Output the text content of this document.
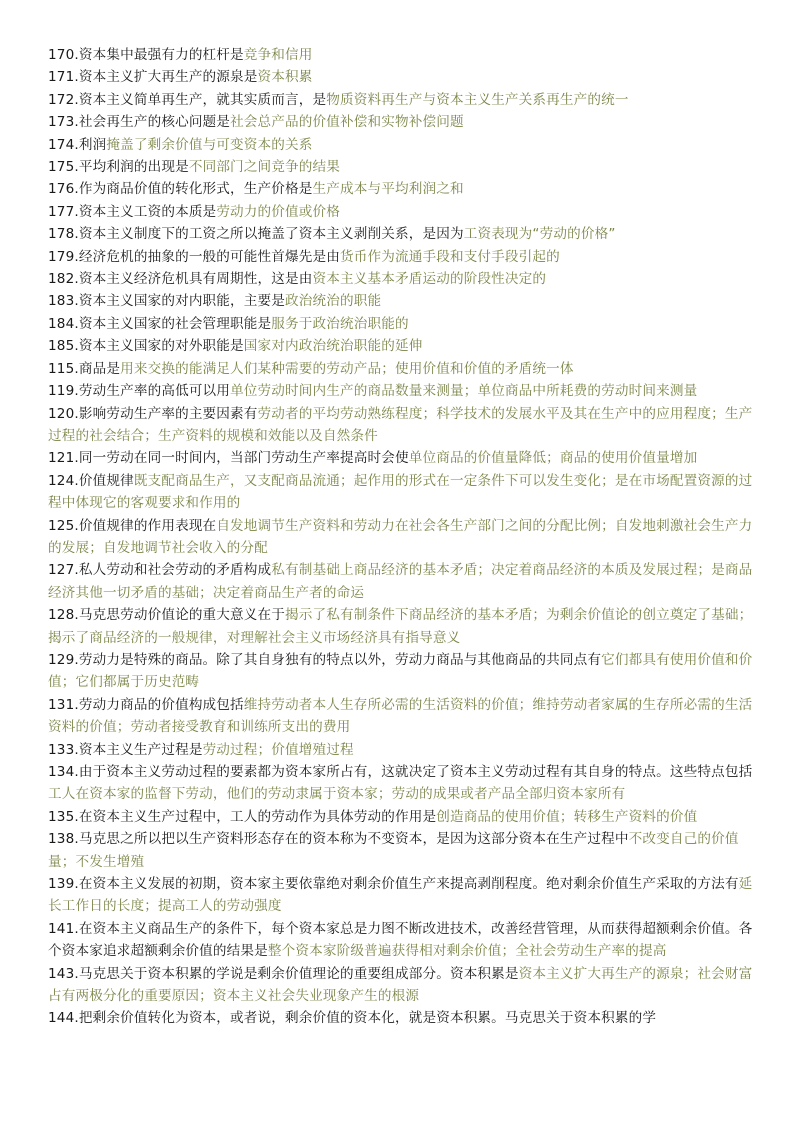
170.资本集中最强有力的杠杆是竞争和信用

171.资本主义扩大再生产的源泉是资本积累

172.资本主义简单再生产，就其实质而言，是物质资料再生产与资本主义生产关系再生产的统一

173.社会再生产的核心问题是社会总产品的价值补偿和实物补偿问题

174.利润掩盖了剩余价值与可变资本的关系

175.平均利润的出现是不同部门之间竞争的结果

176.作为商品价值的转化形式，生产价格是生产成本与平均利润之和

177.资本主义工资的本质是劳动力的价值或价格

178.资本主义制度下的工资之所以掩盖了资本主义剥削关系，是因为工资表现为“劳动的价格”

179.经济危机的抽象的一般的可能性首爆先是由货币作为流通手段和支付手段引起的

182.资本主义经济危机具有周期性，这是由资本主义基本矛盾运动的阶段性决定的

183.资本主义国家的对内职能，主要是政治统治的职能

184.资本主义国家的社会管理职能是服务于政治统治职能的

185.资本主义国家的对外职能是国家对内政治统治职能的延伸

115.商品是用来交换的能满足人们某种需要的劳动产品；使用价值和价值的矛盾统一体

119.劳动生产率的高低可以用单位劳动时间内生产的商品数量来测量；单位商品中所耗费的劳动时间来测量

120.影响劳动生产率的主要因素有劳动者的平均劳动熟练程度；科学技术的发展水平及其在生产中的应用程度；生产过程的社会结合；生产资料的规模和效能以及自然条件

121.同一劳动在同一时间内，当部门劳动生产率提高时会使单位商品的价值量降低；商品的使用价值量增加

124.价值规律既支配商品生产，又支配商品流通；起作用的形式在一定条件下可以发生变化；是在市场配置资源的过程中体现它的客观要求和作用的

125.价值规律的作用表现在自发地调节生产资料和劳动力在社会各生产部门之间的分配比例；自发地刺激社会生产力的发展；自发地调节社会收入的分配

127.私人劳动和社会劳动的矛盾构成私有制基础上商品经济的基本矛盾；决定着商品经济的本质及发展过程；是商品经济其他一切矛盾的基础；决定着商品生产者的命运

128.马克思劳动价值论的重大意义在于揭示了私有制条件下商品经济的基本矛盾；为剩余价值论的创立奠定了基础；揭示了商品经济的一般规律，对理解社会主义市场经济具有指导意义

129.劳动力是特殊的商品。除了其自身独有的特点以外，劳动力商品与其他商品的共同点有它们都具有使用价值和价值；它们都属于历史范畴

131.劳动力商品的价值构成包括维持劳动者本人生存所必需的生活资料的价值；维持劳动者家属的生存所必需的生活资料的价值；劳动者接受教育和训练所支出的费用

133.资本主义生产过程是劳动过程；价值增殖过程

134.由于资本主义劳动过程的要素都为资本家所占有，这就决定了资本主义劳动过程有其自身的特点。这些特点包括工人在资本家的监督下劳动，他们的劳动隶属于资本家；劳动的成果或者产品全部归资本家所有

135.在资本主义生产过程中，工人的劳动作为具体劳动的作用是创造商品的使用价值；转移生产资料的价值

138.马克思之所以把以生产资料形态存在的资本称为不变资本，是因为这部分资本在生产过程中不改变自己的价值量；不发生增殖

139.在资本主义发展的初期，资本家主要依靠绝对剩余价值生产来提高剥削程度。绝对剩余价值生产采取的方法有延长工作日的长度；提高工人的劳动强度

141.在资本主义商品生产的条件下，每个资本家总是力图不断改进技术，改善经营管理，从而获得超额剩余价值。各个资本家追求超额剩余价值的结果是整个资本家阶级普遍获得相对剩余价值；全社会劳动生产率的提高

143.马克思关于资本积累的学说是剩余价值理论的重要组成部分。资本积累是资本主义扩大再生产的源泉；社会财富占有两极分化的重要原因；资本主义社会失业现象产生的根源

144.把剩余价值转化为资本，或者说，剩余价值的资本化，就是资本积累。马克思关于资本积累的学
